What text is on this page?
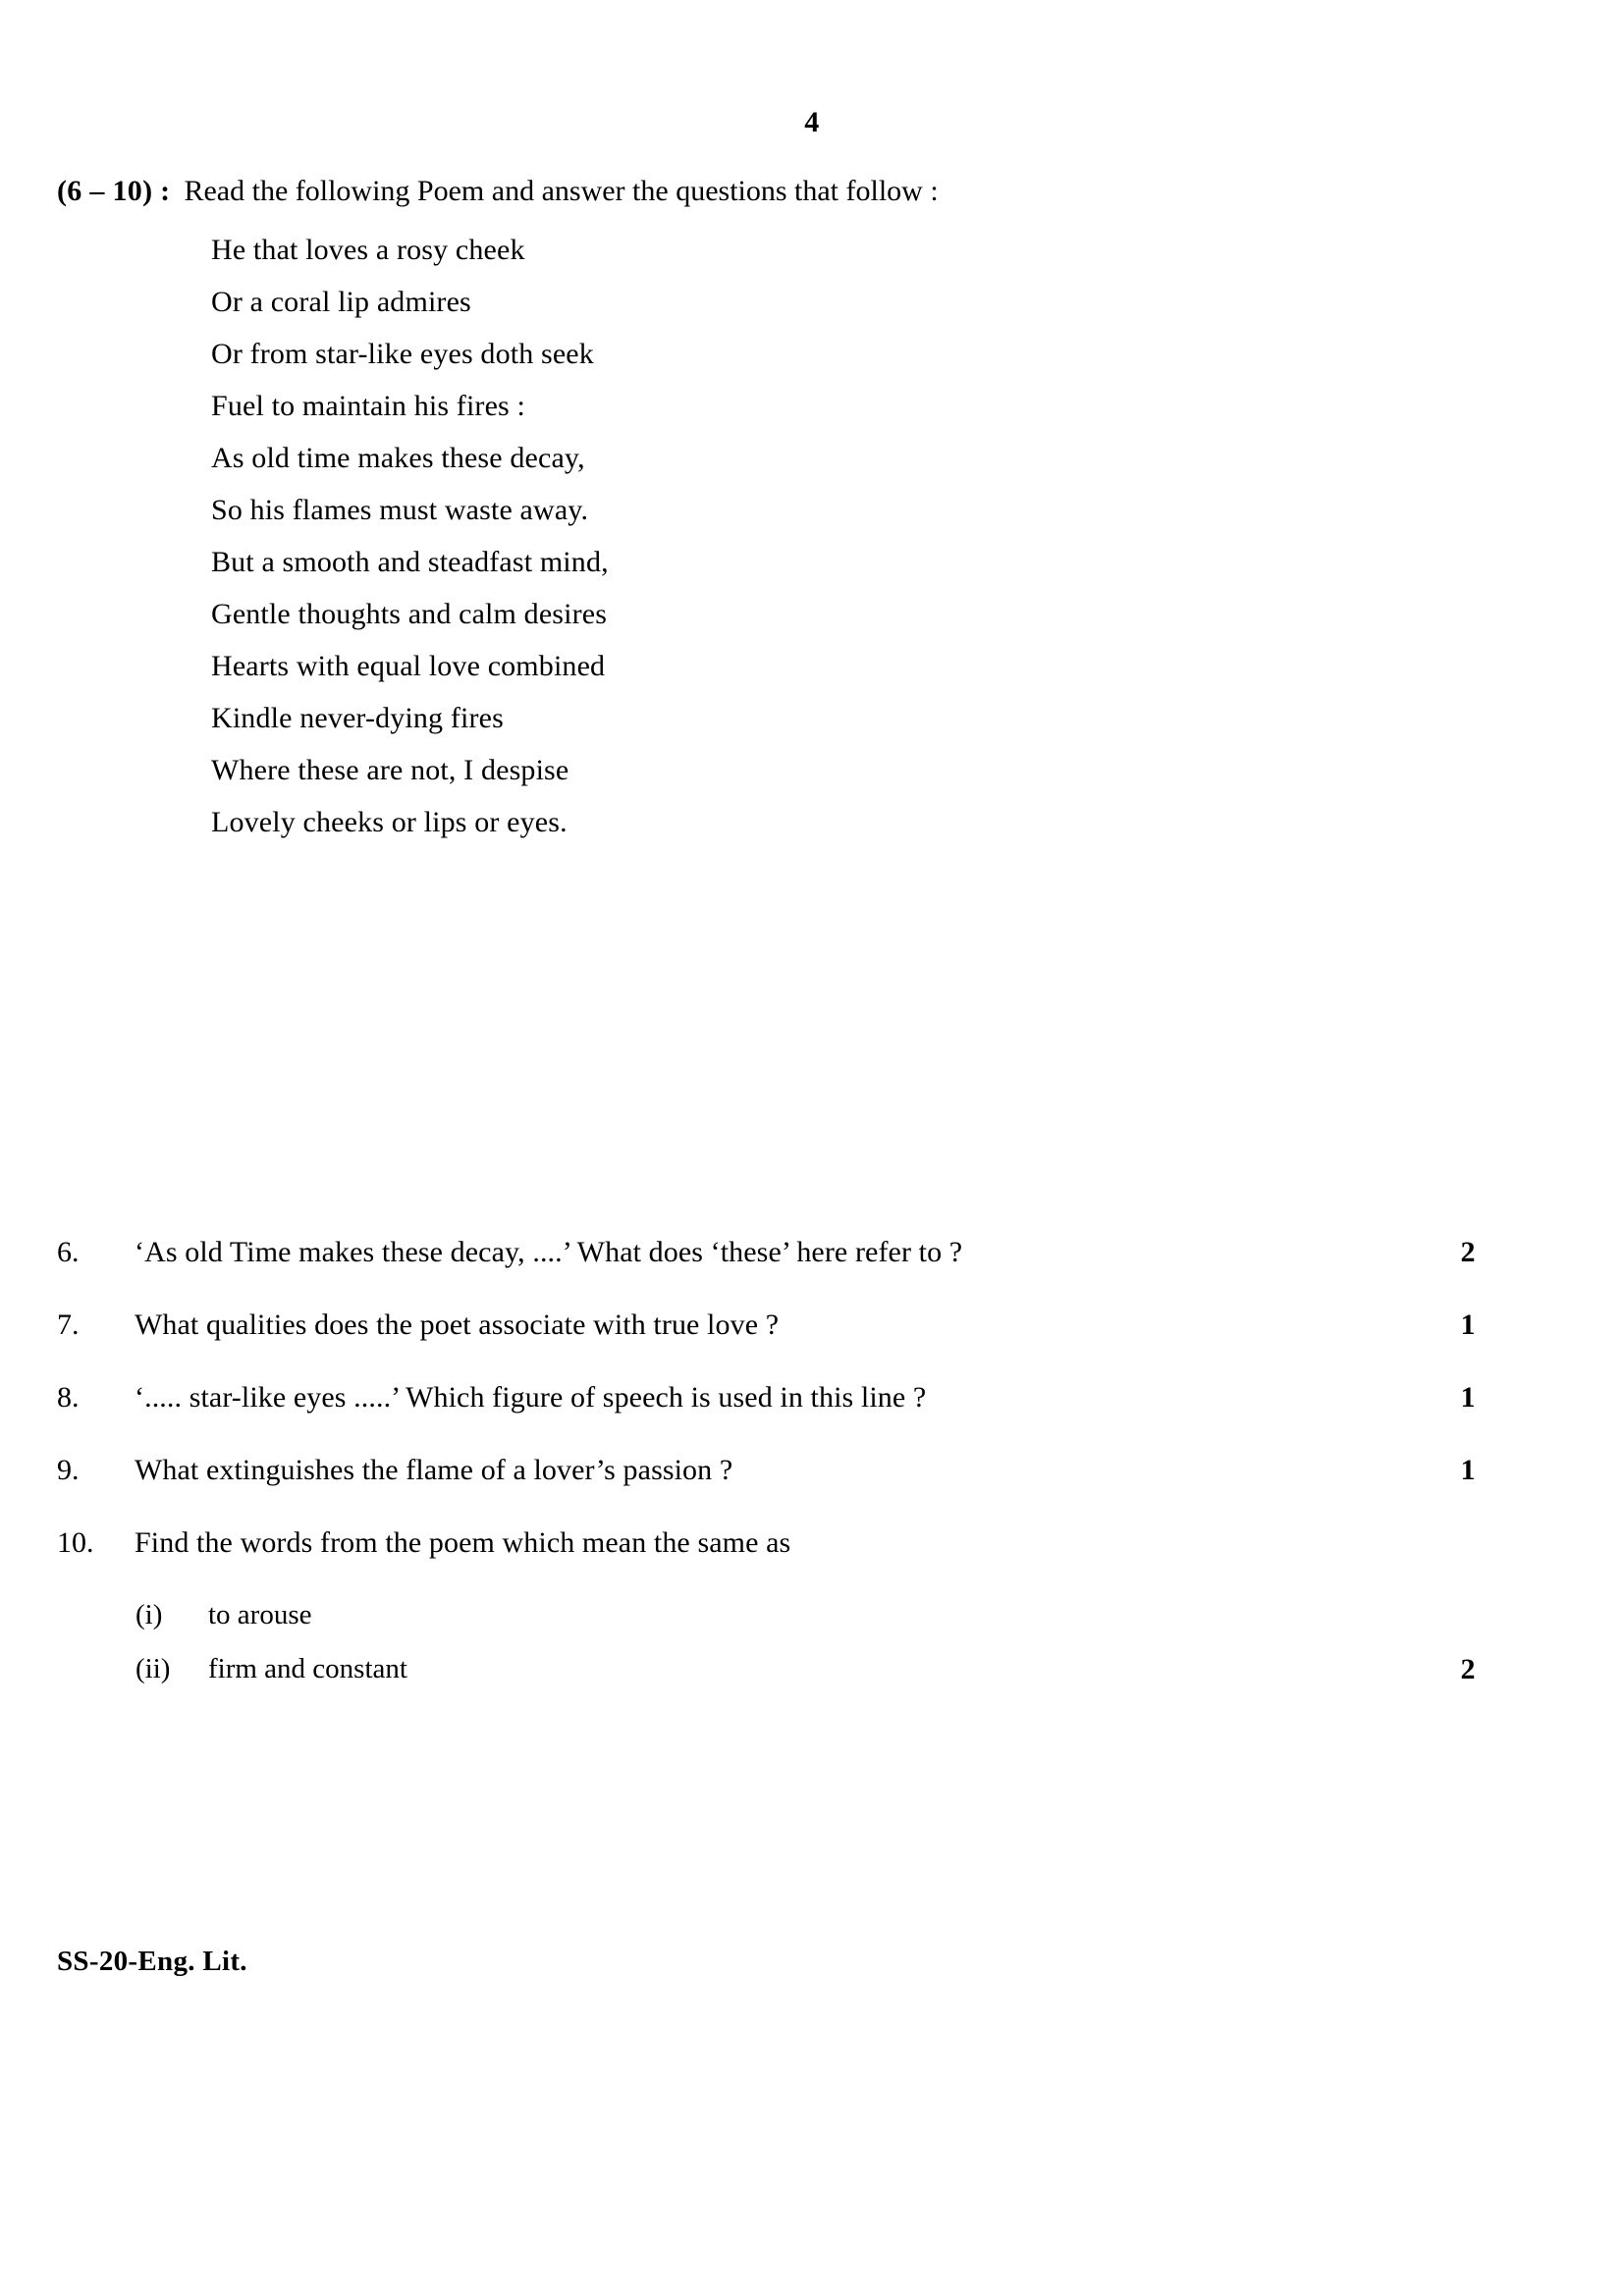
4
(6 – 10) : Read the following Poem and answer the questions that follow :
He that loves a rosy cheek
Or a coral lip admires
Or from star-like eyes doth seek
Fuel to maintain his fires :
As old time makes these decay,
So his flames must waste away.
But a smooth and steadfast mind,
Gentle thoughts and calm desires
Hearts with equal love combined
Kindle never-dying fires
Where these are not, I despise
Lovely cheeks or lips or eyes.
6. ‘As old Time makes these decay, ....’ What does ‘these’ here refer to ?	2
7. What qualities does the poet associate with true love ?	1
8. ‘..... star-like eyes .....’ Which figure of speech is used in this line ?	1
9. What extinguishes the flame of a lover’s passion ?	1
10. Find the words from the poem which mean the same as
(i) to arouse
(ii) firm and constant	2
SS-20-Eng. Lit.
